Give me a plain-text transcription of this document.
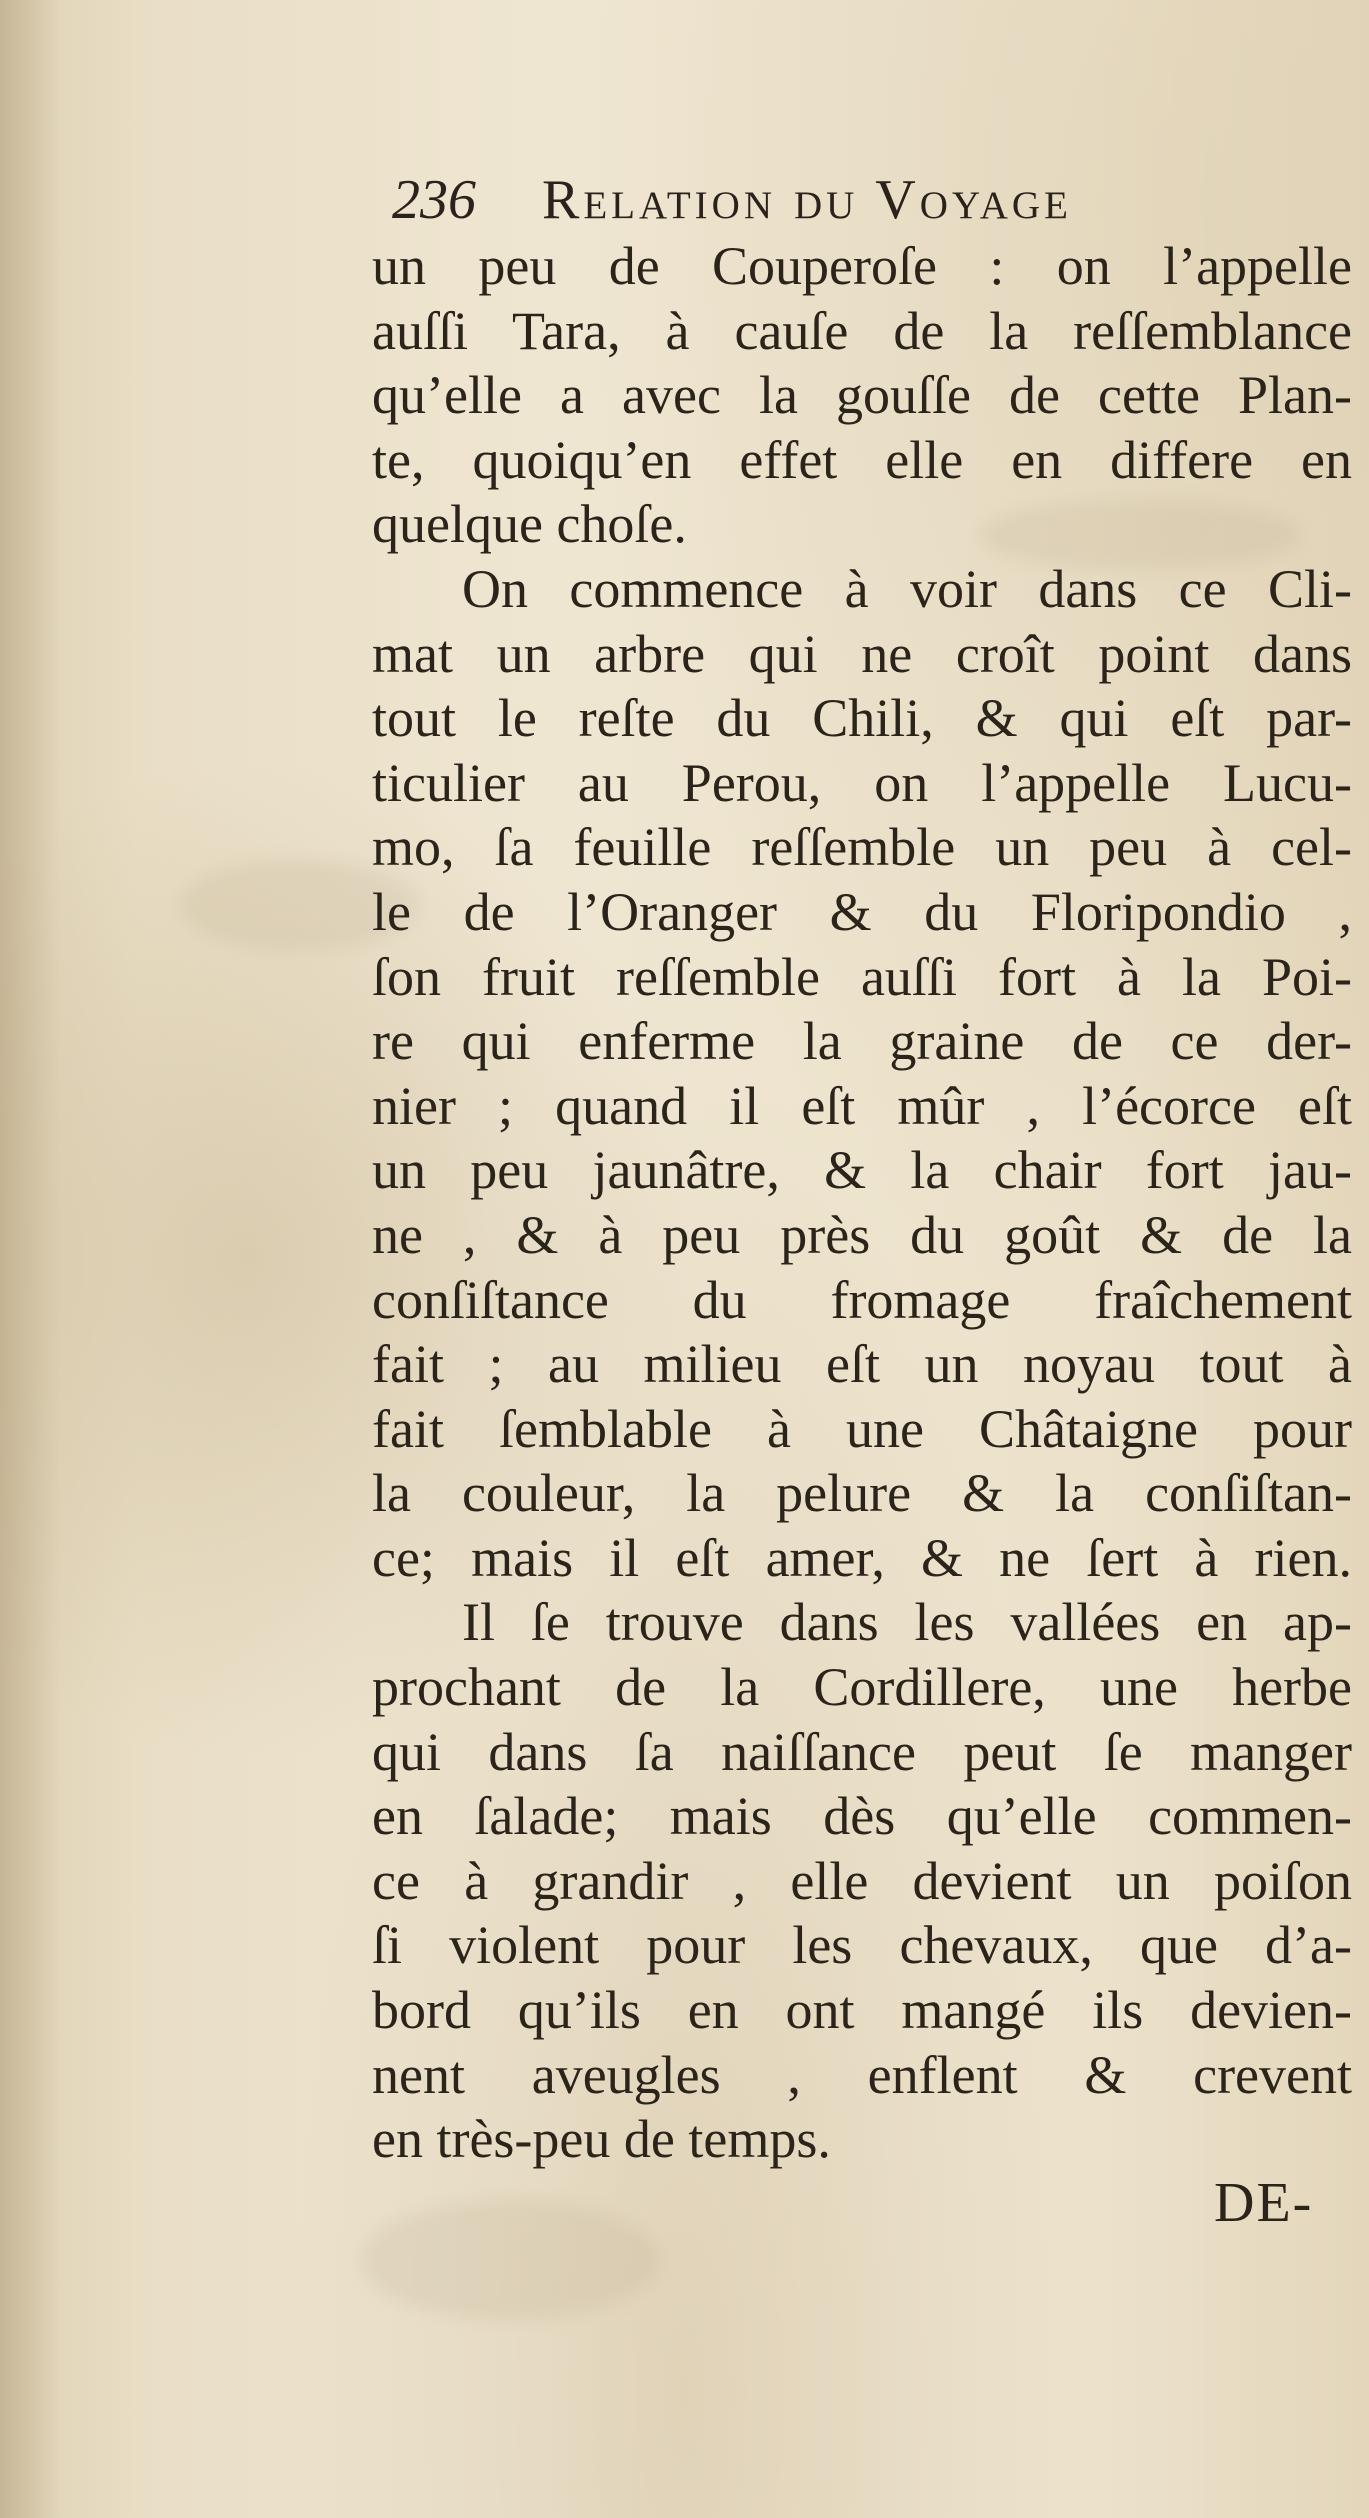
236 Relation du Voyage
un peu de Couperoſe : on l’appelle
auſſi Tara, à cauſe de la reſſemblance
qu’elle a avec la gouſſe de cette Plan-
te, quoiqu’en effet elle en differe en
quelque choſe.
On commence à voir dans ce Cli-
mat un arbre qui ne croît point dans
tout le reſte du Chili, & qui eſt par-
ticulier au Perou, on l’appelle Lucu-
mo, ſa feuille reſſemble un peu à cel-
le de l’Oranger & du Floripondio ,
ſon fruit reſſemble auſſi fort à la Poi-
re qui enferme la graine de ce der-
nier ; quand il eſt mûr , l’écorce eſt
un peu jaunâtre, & la chair fort jau-
ne , & à peu près du goût & de la
conſiſtance du fromage fraîchement
fait ; au milieu eſt un noyau tout à
fait ſemblable à une Châtaigne pour
la couleur, la pelure & la conſiſtan-
ce; mais il eſt amer, & ne ſert à rien.
Il ſe trouve dans les vallées en ap-
prochant de la Cordillere, une herbe
qui dans ſa naiſſance peut ſe manger
en ſalade; mais dès qu’elle commen-
ce à grandir , elle devient un poiſon
ſi violent pour les chevaux, que d’a-
bord qu’ils en ont mangé ils devien-
nent aveugles , enflent & crevent
en très-peu de temps.
DE-
